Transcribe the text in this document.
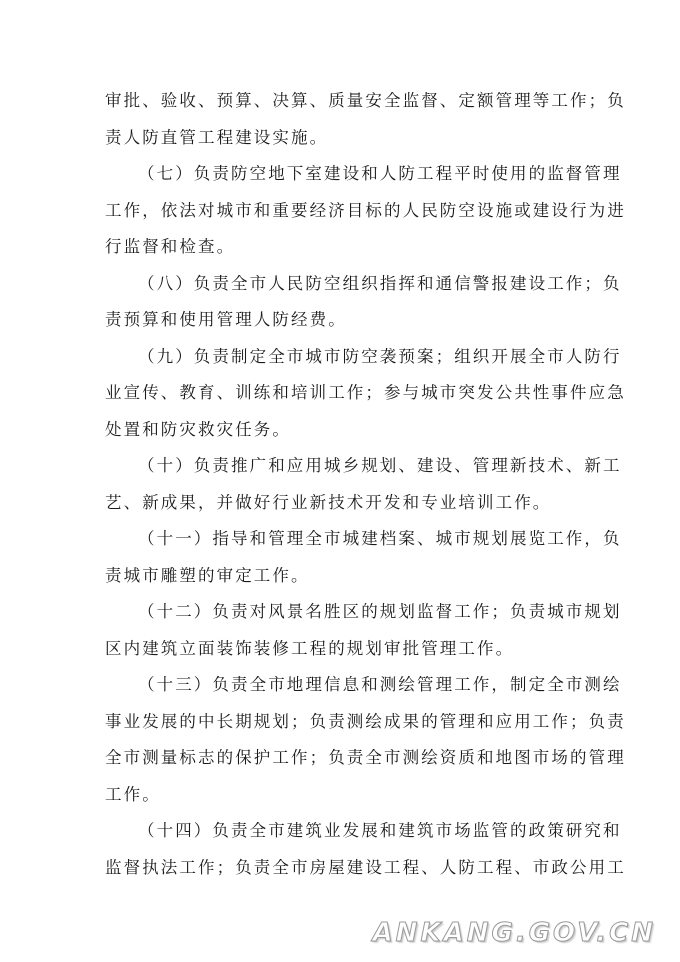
审批、验收、预算、决算、质量安全监督、定额管理等工作；负
责人防直管工程建设实施。
（七）负责防空地下室建设和人防工程平时使用的监督管理
工作，依法对城市和重要经济目标的人民防空设施或建设行为进
行监督和检查。
（八）负责全市人民防空组织指挥和通信警报建设工作；负
责预算和使用管理人防经费。
（九）负责制定全市城市防空袭预案；组织开展全市人防行
业宣传、教育、训练和培训工作；参与城市突发公共性事件应急
处置和防灾救灾任务。
（十）负责推广和应用城乡规划、建设、管理新技术、新工
艺、新成果，并做好行业新技术开发和专业培训工作。
（十一）指导和管理全市城建档案、城市规划展览工作，负
责城市雕塑的审定工作。
（十二）负责对风景名胜区的规划监督工作；负责城市规划
区内建筑立面装饰装修工程的规划审批管理工作。
（十三）负责全市地理信息和测绘管理工作，制定全市测绘
事业发展的中长期规划；负责测绘成果的管理和应用工作；负责
全市测量标志的保护工作；负责全市测绘资质和地图市场的管理
工作。
（十四）负责全市建筑业发展和建筑市场监管的政策研究和
监督执法工作；负责全市房屋建设工程、人防工程、市政公用工
ANKANG.GOV.CN
